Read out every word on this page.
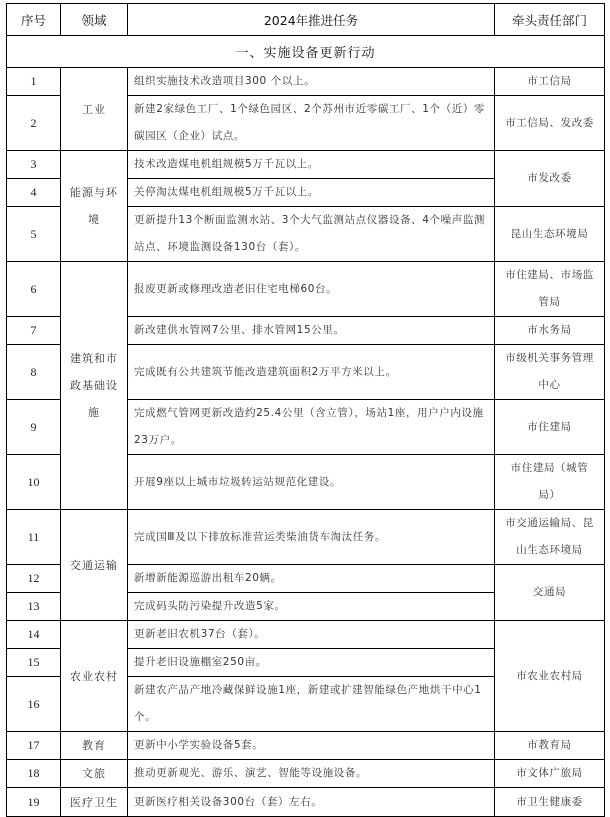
序号	领域	2024年推进任务	牵头责任部门
一、实施设备更新行动			
1	工业	组织实施技术改造项目300 个以上。	市工信局
2		新建2家绿色工厂、1个绿色园区、2个苏州市近零碳工厂、1个（近）零碳园区（企业）试点。	市工信局、发改委
3	能源与环境	技术改造煤电机组规模5万千瓦以上。	市发改委
4		关停淘汰煤电机组规模5万千瓦以上。	
5		更新提升13个断面监测水站、3个大气监测站点仪器设备、4个噪声监测站点、环境监测设备130台（套）。	昆山生态环境局
6	建筑和市政基础设施	报废更新或修理改造老旧住宅电梯60台。	市住建局、市场监管局
7		新改建供水管网7公里、排水管网15公里。	市水务局
8		完成既有公共建筑节能改造建筑面积2万平方米以上。	市级机关事务管理中心
9		完成燃气管网更新改造约25.4公里（含立管），场站1座，用户户内设施23万户。	市住建局
10		开展9座以上城市垃圾转运站规范化建设。	市住建局（城管局）
11	交通运输	完成国Ⅲ及以下排放标准营运类柴油货车淘汰任务。	市交通运输局、昆山生态环境局
12		新增新能源巡游出租车20辆。	交通局
13		完成码头防污染提升改造5家。	
14	农业农村	更新老旧农机37台（套）。	市农业农村局
15		提升老旧设施棚室250亩。	
16		新建农产品产地冷藏保鲜设施1座，新建或扩建智能绿色产地烘干中心1个。	
17	教育	更新中小学实验设备5套。	市教育局
18	文旅	推动更新观光、游乐、演艺、智能等设施设备。	市文体广旅局
19	医疗卫生	更新医疗相关设备300台（套）左右。	市卫生健康委
